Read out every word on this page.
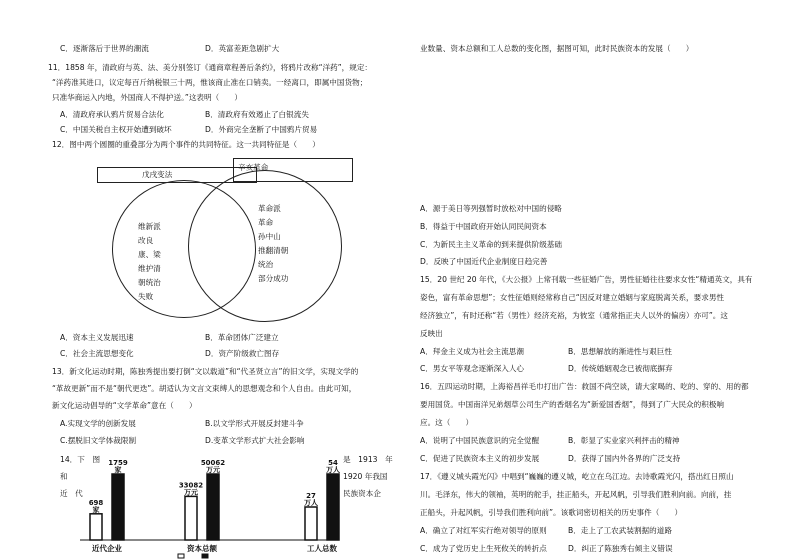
C．逐渐落后于世界的潮流	D．英富差距急剧扩大
11．1858 年，清政府与英、法、美分别签订《通商章程善后条约》，将鸦片改称“洋药”，规定：
“洋药准其进口，议定每百斤纳税银三十两，惟该商止准在口销卖。一经离口，即属中国货物；
只准华商运入内地，外国商人不得护送。”这表明（　　）
A．清政府承认鸦片贸易合法化	B．清政府有效遏止了白银流失
C．中国关税自主权开始遭到破坏	D．外商完全垄断了中国鸦片贸易
12．图中两个圆圈的重叠部分为两个事件的共同特征。这一共同特征是（　　）
戊戌变法
辛亥革命
维新派
改良
康、梁
维护清
朝统治
失败
革命派
革命
孙中山
推翻清朝
统治
部分成功
A．资本主义发展迅速	B．革命团体广泛建立
C．社会主流思想变化	D．资产阶级救亡图存
13．新文化运动时期，陈独秀提出要打倒“文以载道”和“代圣贤立言”的旧文学，实现文学的
“革故更新”而不是“朝代更迭”。胡适认为文言文束缚人的思想观念和个人自由。由此可知，
新文化运动倡导的“文学革命”意在（　　）
A.实现文学的创新发展	B.以文学形式开展反封建斗争
C.摆脱旧文学体裁限制	D.变革文学形式扩大社会影响
14．下　图
和
近　代
是　1913　年
1920 年我国
民族资本企
698
家
1759
家
近代企业
33082
万元
50062
万元
资本总额
27
万人
54
万人
工人总数
业数量、资本总额和工人总数的变化图，据图可知，此时民族资本的发展（　　）
A．源于美日等列强暂时放松对中国的侵略
B．得益于中国政府开始认同民间资本
C．为新民主主义革命的到来提供阶级基础
D．反映了中国近代企业制度日趋完善
15．20 世纪 20 年代，《大公报》上常刊载一些征婚广告，男性征婚往往要求女性“精通英文，具有
姿色，富有革命思想”；女性征婚则经常称自己“因反对建立婚姻与家庭脱离关系，要求男性
经济独立”，有时还称“若（男性）经济充裕，为彼室（通常指正夫人以外的偏房）亦可”。这
反映出
A．拜金主义成为社会主流思潮	B．思想解放的渐进性与艰巨性
C．男女平等观念逐渐深入人心	D．传统婚姻观念已被彻底摒弃
16．五四运动时期，上海裕昌祥毛巾打出广告：救国不尚空谈，请大家喝的、吃的、穿的、用的都
要用国货。中国南洋兄弟烟草公司生产的香烟名为“新爱国香烟”，得到了广大民众的积极响
应。这（　　）
A．说明了中国民族意识的完全觉醒	B．彰显了实业家兴利抨击的精神
C．促进了民族资本主义的初步发展	D．获得了国内外各界的广泛支持
17．《遵义城头霞光闪》中唱到“巍巍的遵义城，屹立在乌江边。去诗歌霞光闪，搭出红日照山
川。毛泽东，伟大的领袖，英明的舵手，挂正船头，开起风帆，引导我们胜利向前。向前，挂
正船头，升起风帆，引导我们胜利向前”。该歌词密切相关的历史事件（　　）
A．确立了对红军实行绝对领导的原则	B．走上了工农武装割据的道路
C．成为了党历史上生死攸关的转折点	D．纠正了陈独秀右倾主义错误
